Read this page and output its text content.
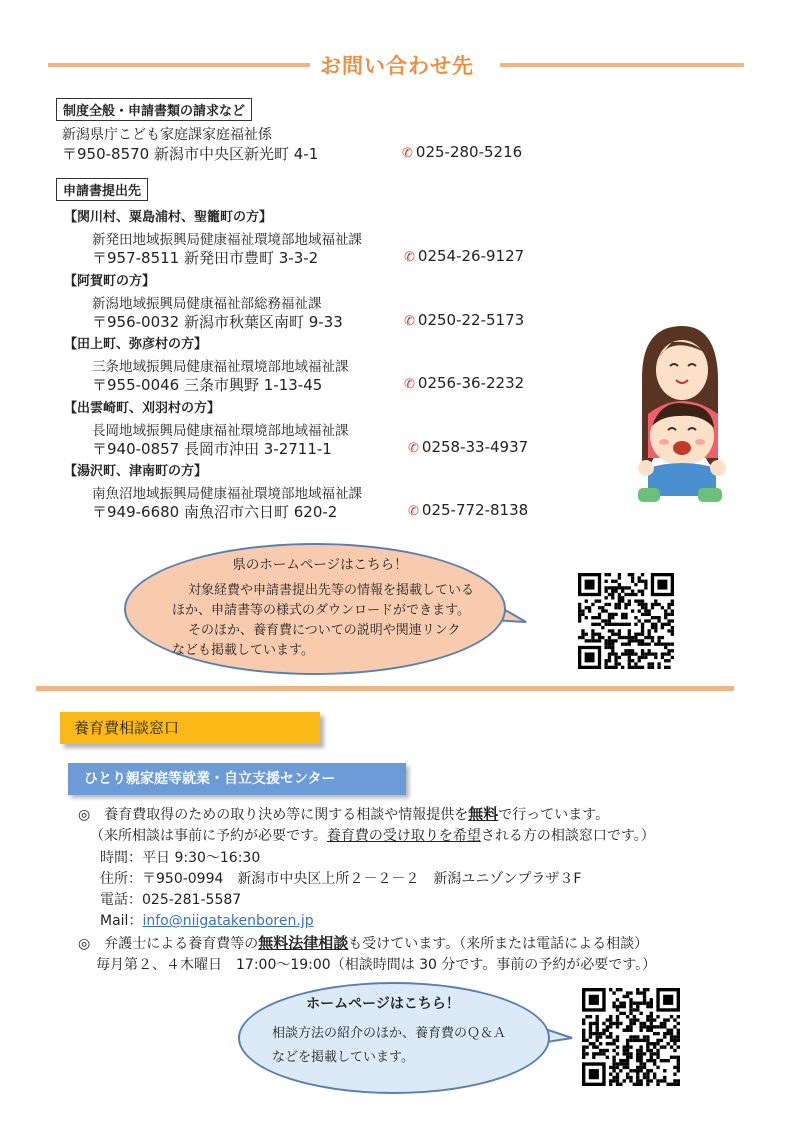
お問い合わせ先
制度全般・申請書類の請求など
新潟県庁こども家庭課家庭福祉係
〒950-8570 新潟市中央区新光町 4-1	✆ 025-280-5216
申請書提出先
【関川村、粟島浦村、聖籠町の方】
新発田地域振興局健康福祉環境部地域福祉課
〒957-8511 新発田市豊町 3-3-2	✆ 0254-26-9127
【阿賀町の方】
新潟地域振興局健康福祉部総務福祉課
〒956-0032 新潟市秋葉区南町 9-33	✆ 0250-22-5173
【田上町、弥彦村の方】
三条地域振興局健康福祉環境部地域福祉課
〒955-0046 三条市興野 1-13-45	✆ 0256-36-2232
【出雲崎町、刈羽村の方】
長岡地域振興局健康福祉環境部地域福祉課
〒940-0857 長岡市沖田 3-2711-1	✆ 0258-33-4937
【湯沢町、津南町の方】
南魚沼地域振興局健康福祉環境部地域福祉課
〒949-6680 南魚沼市六日町 620-2	✆ 025-772-8138
県のホームページはこちら！
対象経費や申請書提出先等の情報を掲載している
ほか、申請書等の様式のダウンロードができます。
そのほか、養育費についての説明や関連リンク
なども掲載しています。
養育費相談窓口
ひとり親家庭等就業・自立支援センター
◎　養育費取得のための取り決め等に関する相談や情報提供を無料で行っています。
（来所相談は事前に予約が必要です。養育費の受け取りを希望される方の相談窓口です。）
時間：平日 9:30～16:30
住所：〒950-0994　新潟市中央区上所２－２－２　新潟ユニゾンプラザ３F
電話：025-281-5587
Mail：info@niigatakenboren.jp
◎　弁護士による養育費等の無料法律相談も受けています。（来所または電話による相談）
毎月第２、４木曜日　17:00～19:00（相談時間は 30 分です。事前の予約が必要です。）
ホームページはこちら！
相談方法の紹介のほか、養育費のＱ＆Ａ
などを掲載しています。
